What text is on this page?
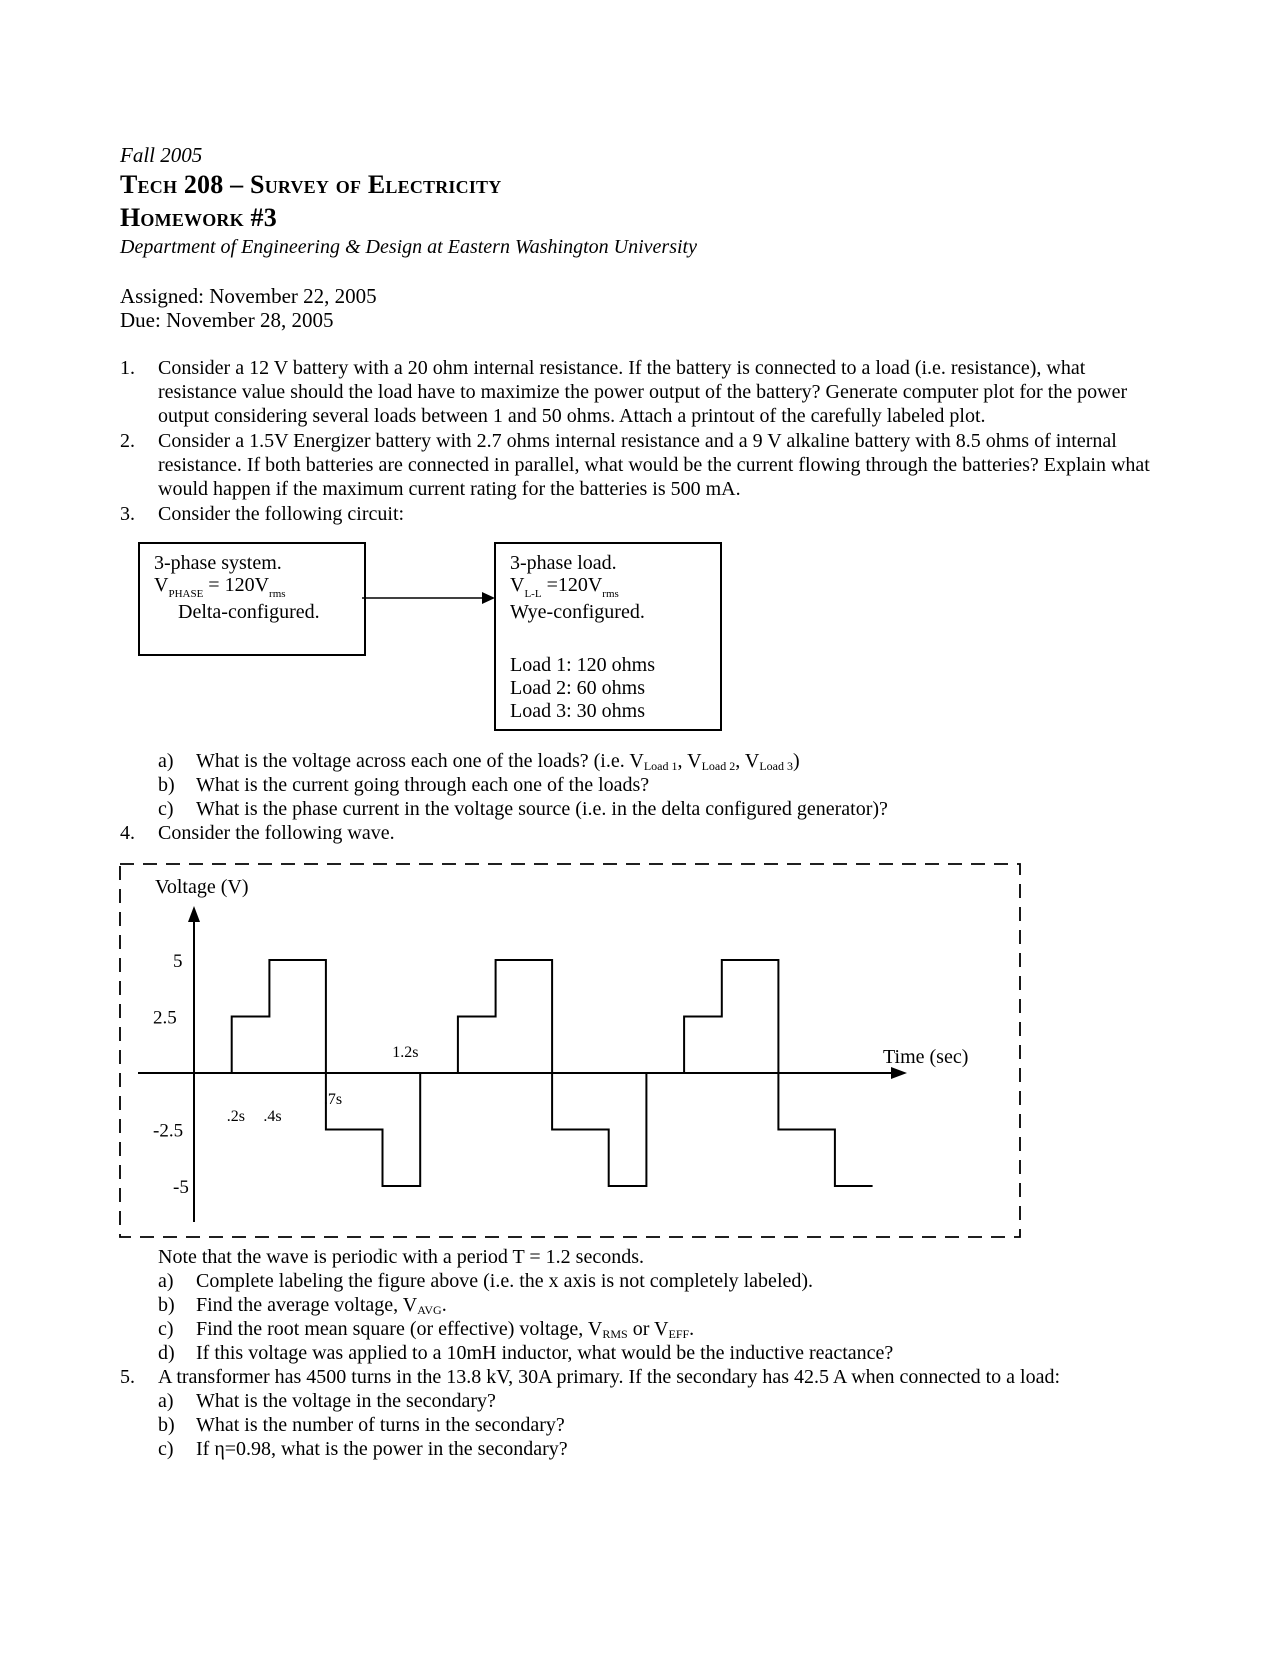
Fall 2005
Tech 208 – Survey of Electricity
Homework #3
Department of Engineering & Design at Eastern Washington University
Assigned: November 22, 2005
Due: November 28, 2005
1.	Consider a 12 V battery with a 20 ohm internal resistance. If the battery is connected to a load (i.e. resistance), what resistance value should the load have to maximize the power output of the battery? Generate computer plot for the power output considering several loads between 1 and 50 ohms. Attach a printout of the carefully labeled plot.
2.	Consider a 1.5V Energizer battery with 2.7 ohms internal resistance and a 9 V alkaline battery with 8.5 ohms of internal resistance. If both batteries are connected in parallel, what would be the current flowing through the batteries? Explain what would happen if the maximum current rating for the batteries is 500 mA.
3.	Consider the following circuit:
3-phase system.
$V_{PHASE} = 120V_{rms}$
Delta-configured.
3-phase load.
$V_{L-L} =120V_{rms}$
Wye-configured.
Load 1: 120 ohms
Load 2: 60 ohms
Load 3: 30 ohms
a) What is the voltage across each one of the loads? (i.e. $V_{Load 1}$, $V_{Load 2}$, $V_{Load 3}$)
b) What is the current going through each one of the loads?
c) What is the phase current in the voltage source (i.e. in the delta configured generator)?
4.	Consider the following wave.
Voltage (V)
Time (sec)
5
2.5
-2.5
-5
.2s .4s
.7s
1.2s
Note that the wave is periodic with a period T = 1.2 seconds.
a) Complete labeling the figure above (i.e. the x axis is not completely labeled).
b) Find the average voltage, $V_{AVG}$.
c) Find the root mean square (or effective) voltage, $V_{RMS}$ or $V_{EFF}$.
d) If this voltage was applied to a 10mH inductor, what would be the inductive reactance?
5.	A transformer has 4500 turns in the 13.8 kV, 30A primary. If the secondary has 42.5 A when connected to a load:
a) What is the voltage in the secondary?
b) What is the number of turns in the secondary?
c) If η=0.98, what is the power in the secondary?
